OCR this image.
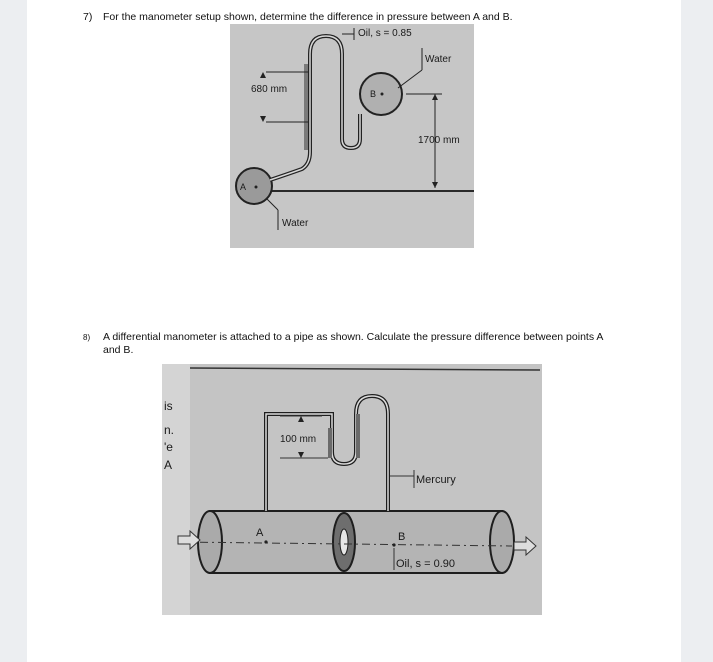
7) For the manometer setup shown, determine the difference in pressure between A and B.
A
B
1700 mm
680 mm
Oil, s = 0.85
Water
Water
8) A differential manometer is attached to a pipe as shown. Calculate the pressure difference between points A
and B.
is
n.
'e
A
100 mm
Mercury
A	B
Oil, s = 0.90
